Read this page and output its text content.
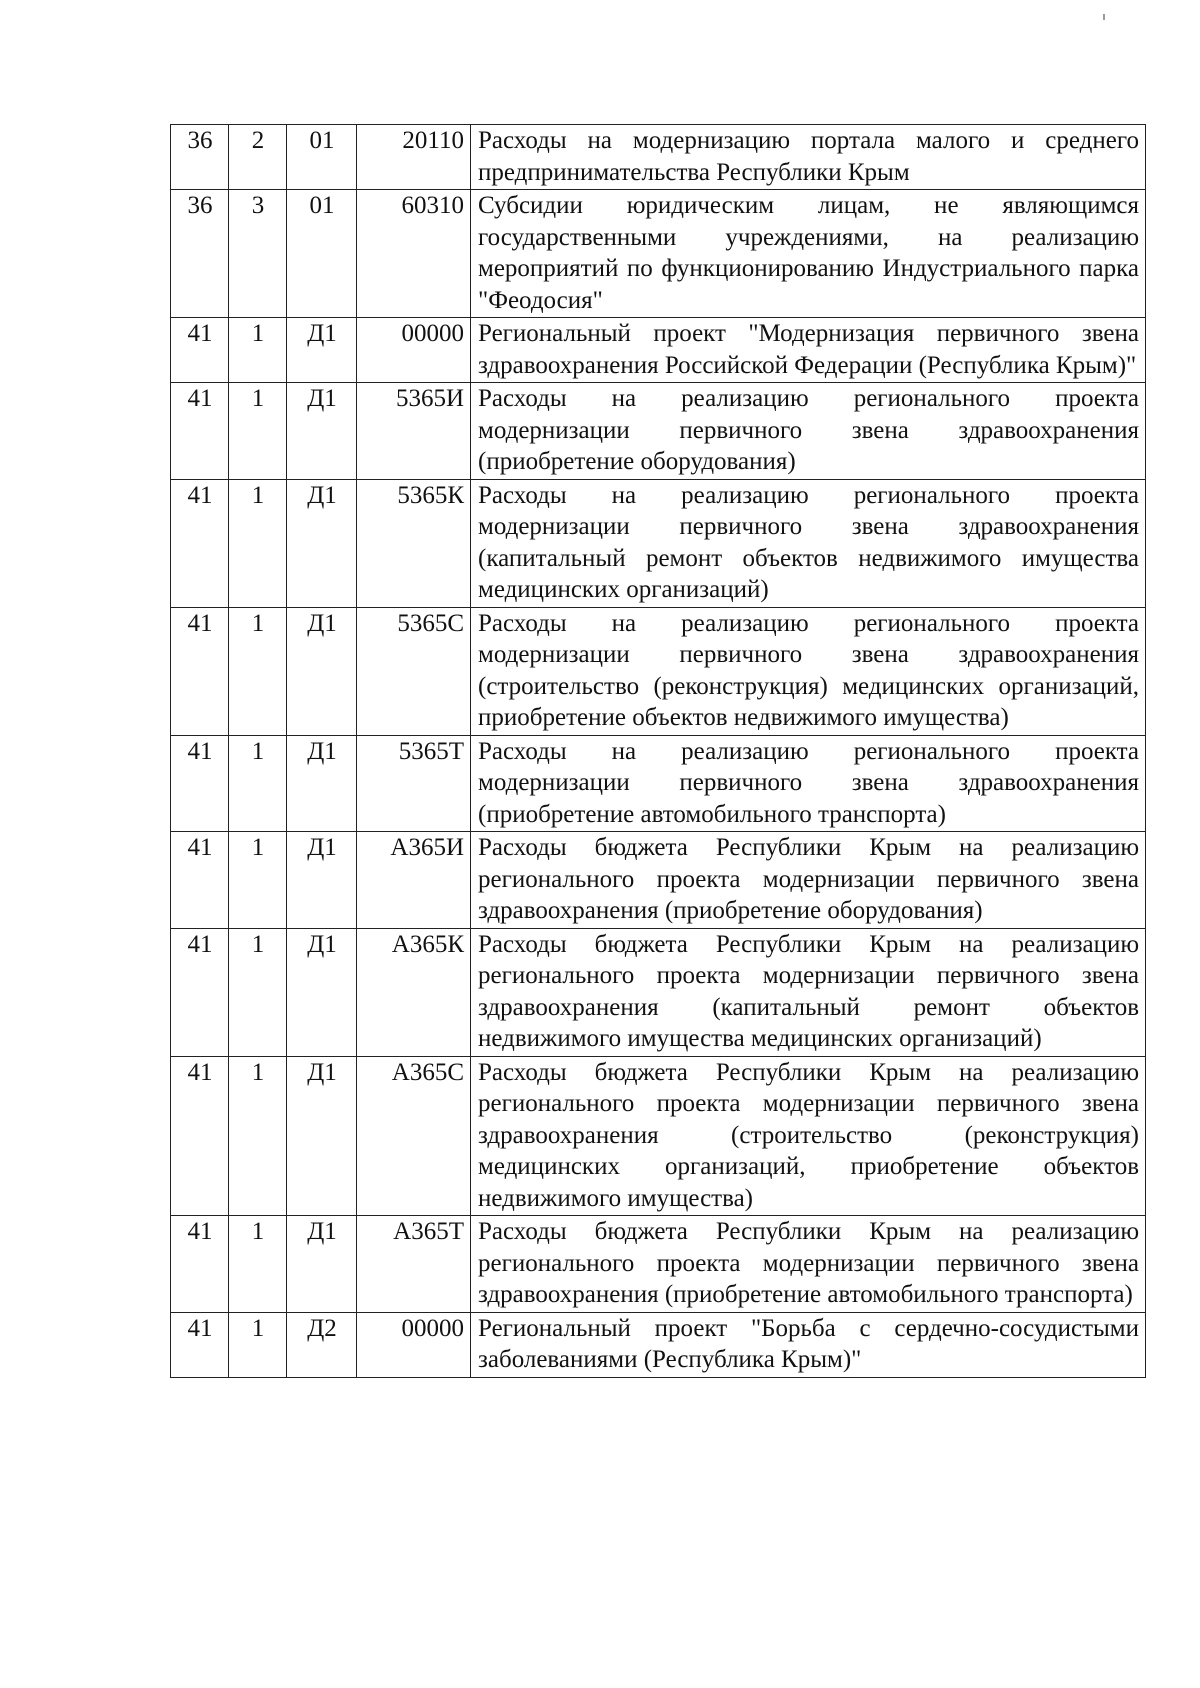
36	2	01	20110	Расходы на модернизацию портала малого и среднего предпринимательства Республики Крым
36	3	01	60310	Субсидии юридическим лицам, не являющимся государственными учреждениями, на реализацию мероприятий по функционированию Индустриального парка "Феодосия"
41	1	Д1	00000	Региональный проект "Модернизация первичного звена здравоохранения Российской Федерации (Республика Крым)"
41	1	Д1	5365И	Расходы на реализацию регионального проекта модернизации первичного звена здравоохранения (приобретение оборудования)
41	1	Д1	5365К	Расходы на реализацию регионального проекта модернизации первичного звена здравоохранения (капитальный ремонт объектов недвижимого имущества медицинских организаций)
41	1	Д1	5365С	Расходы на реализацию регионального проекта модернизации первичного звена здравоохранения (строительство (реконструкция) медицинских организаций, приобретение объектов недвижимого имущества)
41	1	Д1	5365Т	Расходы на реализацию регионального проекта модернизации первичного звена здравоохранения (приобретение автомобильного транспорта)
41	1	Д1	А365И	Расходы бюджета Республики Крым на реализацию регионального проекта модернизации первичного звена здравоохранения (приобретение оборудования)
41	1	Д1	А365К	Расходы бюджета Республики Крым на реализацию регионального проекта модернизации первичного звена здравоохранения (капитальный ремонт объектов недвижимого имущества медицинских организаций)
41	1	Д1	А365С	Расходы бюджета Республики Крым на реализацию регионального проекта модернизации первичного звена здравоохранения (строительство (реконструкция) медицинских организаций, приобретение объектов недвижимого имущества)
41	1	Д1	А365Т	Расходы бюджета Республики Крым на реализацию регионального проекта модернизации первичного звена здравоохранения (приобретение автомобильного транспорта)
41	1	Д2	00000	Региональный проект "Борьба с сердечно-сосудистыми заболеваниями (Республика Крым)"
